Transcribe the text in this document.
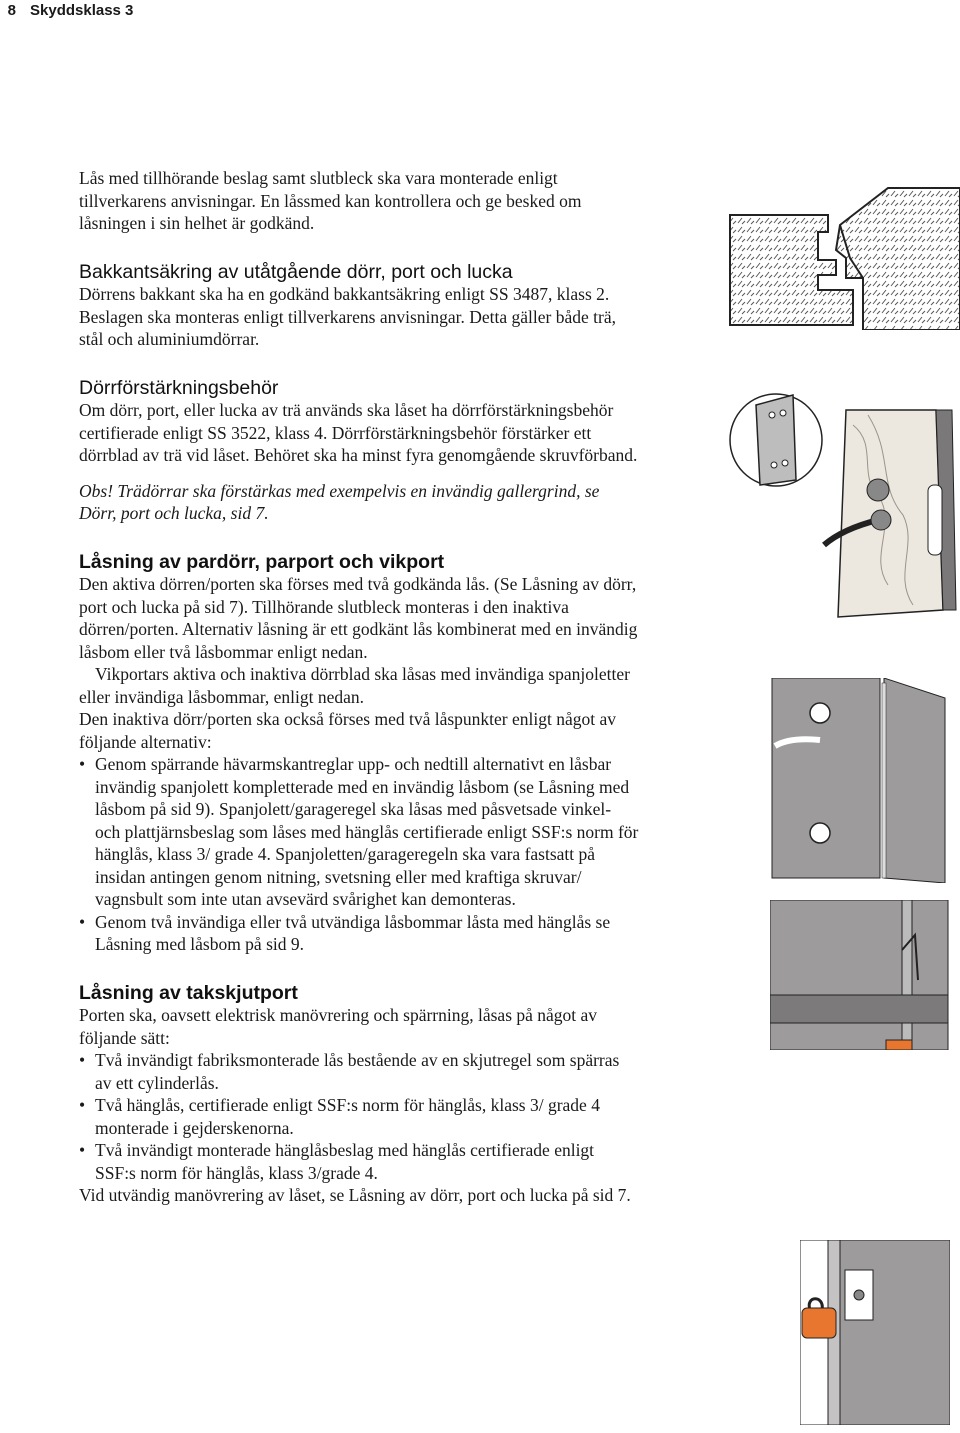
8 Skyddsklass 3

Lås med tillhörande beslag samt slutbleck ska vara monterade enligt tillverkarens anvisningar. En låssmed kan kontrollera och ge besked om låsningen i sin helhet är godkänd.

Bakkantsäkring av utåtgående dörr, port och lucka

Dörrens bakkant ska ha en godkänd bakkantsäkring enligt SS 3487, klass 2. Beslagen ska monteras enligt tillverkarens anvisningar. Detta gäller både trä, stål och aluminiumdörrar.

Dörrförstärkningsbehör

Om dörr, port, eller lucka av trä används ska låset ha dörrförstärkningsbehör certifierade enligt SS 3522, klass 4. Dörrförstärkningsbehör förstärker ett dörrblad av trä vid låset. Behöret ska ha minst fyra genomgående skruvförband.

Obs! Trädörrar ska förstärkas med exempelvis en invändig gallergrind, se Dörr, port och lucka, sid 7.

Låsning av pardörr, parport och vikport

Den aktiva dörren/porten ska förses med två godkända lås. (Se Låsning av dörr, port och lucka på sid 7). Tillhörande slutbleck monteras i den inaktiva dörren/porten. Alternativ låsning är ett godkänt lås kombinerat med en invändig låsbom eller två låsbommar enligt nedan.

Vikportars aktiva och inaktiva dörrblad ska låsas med invändiga spanjoletter eller invändiga låsbommar, enligt nedan.

Den inaktiva dörr/porten ska också förses med två låspunkter enligt något av följande alternativ:

• Genom spärrande hävarmskantreglar upp- och nedtill alternativt en låsbar invändig spanjolett kompletterade med en invändig låsbom (se Låsning med låsbom på sid 9). Spanjolett/garageregel ska låsas med påsvetsade vinkel- och plattjärnsbeslag som låses med hänglås certifierade enligt SSF:s norm för hänglås, klass 3/ grade 4. Spanjoletten/garageregeln ska vara fastsatt på insidan antingen genom nitning, svetsning eller med kraftiga skruvar/ vagnsbult som inte utan avsevärd svårighet kan demonteras.
• Genom två invändiga eller två utvändiga låsbommar låsta med hänglås se Låsning med låsbom på sid 9.
Låsning av takskjutport

Porten ska, oavsett elektrisk manövrering och spärrning, låsas på något av följande sätt:

• Två invändigt fabriksmonterade lås bestående av en skjutregel som spärras av ett cylinderlås.
• Två hänglås, certifierade enligt SSF:s norm för hänglås, klass 3/ grade 4 monterade i gejderskenorna.
• Två invändigt monterade hänglåsbeslag med hänglås certifierade enligt SSF:s norm för hänglås, klass 3/grade 4.

Vid utvändig manövrering av låset, se Låsning av dörr, port och lucka på sid 7.
